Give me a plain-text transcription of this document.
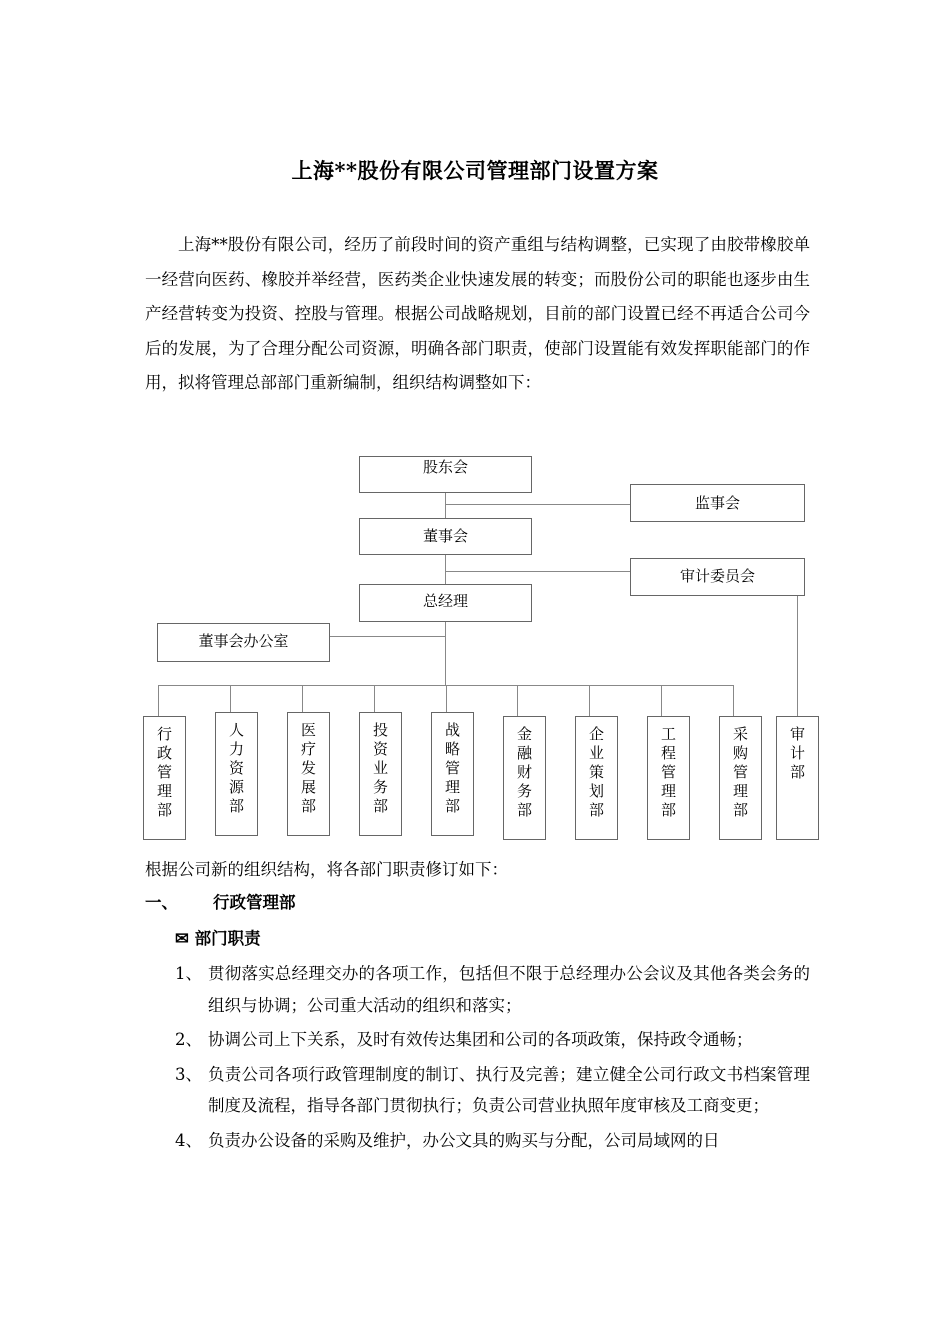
上海**股份有限公司管理部门设置方案
上海**股份有限公司，经历了前段时间的资产重组与结构调整，已实现了由胶带橡胶单一经营向医药、橡胶并举经营，医药类企业快速发展的转变；而股份公司的职能也逐步由生产经营转变为投资、控股与管理。根据公司战略规划，目前的部门设置已经不再适合公司今后的发展，为了合理分配公司资源，明确各部门职责，使部门设置能有效发挥职能部门的作用，拟将管理总部部门重新编制，组织结构调整如下：
股东会
监事会
董事会
审计委员会
总经理
董事会办公室
行政管理部
人力资源部
医疗发展部
投资业务部
战略管理部
金融财务部
企业策划部
工程管理部
采购管理部
审计部
根据公司新的组织结构，将各部门职责修订如下：
一、 行政管理部
✉ 部门职责
1、 贯彻落实总经理交办的各项工作，包括但不限于总经理办公会议及其他各类会务的组织与协调；公司重大活动的组织和落实；
2、 协调公司上下关系，及时有效传达集团和公司的各项政策，保持政令通畅；
3、 负责公司各项行政管理制度的制订、执行及完善；建立健全公司行政文书档案管理制度及流程，指导各部门贯彻执行；负责公司营业执照年度审核及工商变更；
4、 负责办公设备的采购及维护，办公文具的购买与分配，公司局域网的日
